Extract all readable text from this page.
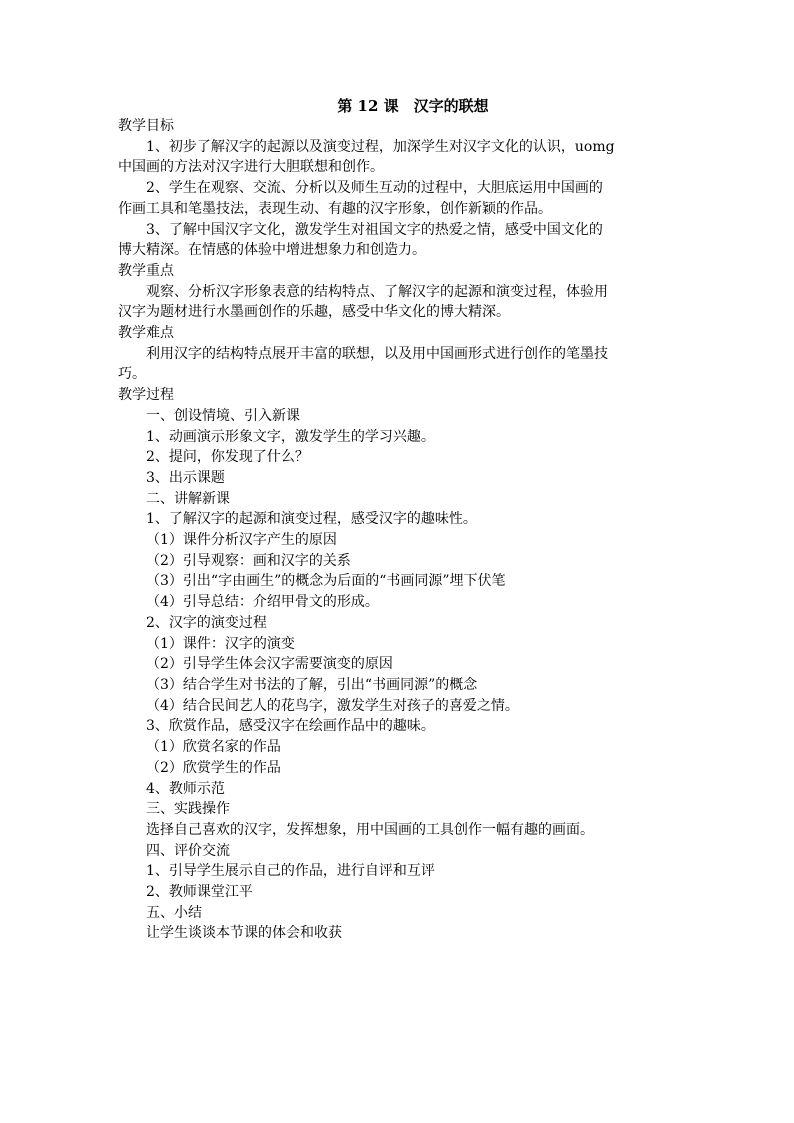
第 12 课　汉字的联想

教学目标

1、初步了解汉字的起源以及演变过程，加深学生对汉字文化的认识，uomg

中国画的方法对汉字进行大胆联想和创作。

2、学生在观察、交流、分析以及师生互动的过程中，大胆底运用中国画的

作画工具和笔墨技法，表现生动、有趣的汉字形象，创作新颖的作品。

3、了解中国汉字文化，激发学生对祖国文字的热爱之情，感受中国文化的

博大精深。在情感的体验中增进想象力和创造力。

教学重点

观察、分析汉字形象表意的结构特点、了解汉字的起源和演变过程，体验用

汉字为题材进行水墨画创作的乐趣，感受中华文化的博大精深。

教学难点

利用汉字的结构特点展开丰富的联想，以及用中国画形式进行创作的笔墨技

巧。

教学过程

一、创设情境、引入新课

1、动画演示形象文字，激发学生的学习兴趣。

2、提问，你发现了什么？

3、出示课题

二、讲解新课

1、了解汉字的起源和演变过程，感受汉字的趣味性。

（1）课件分析汉字产生的原因

（2）引导观察：画和汉字的关系

（3）引出“字由画生”的概念为后面的“书画同源”埋下伏笔

（4）引导总结：介绍甲骨文的形成。

2、汉字的演变过程

（1）课件：汉字的演变

（2）引导学生体会汉字需要演变的原因

（3）结合学生对书法的了解，引出“书画同源”的概念

（4）结合民间艺人的花鸟字，激发学生对孩子的喜爱之情。

3、欣赏作品，感受汉字在绘画作品中的趣味。

（1）欣赏名家的作品

（2）欣赏学生的作品

4、教师示范

三、实践操作

选择自己喜欢的汉字，发挥想象，用中国画的工具创作一幅有趣的画面。

四、评价交流

1、引导学生展示自己的作品，进行自评和互评

2、教师课堂江平

五、小结

让学生谈谈本节课的体会和收获
